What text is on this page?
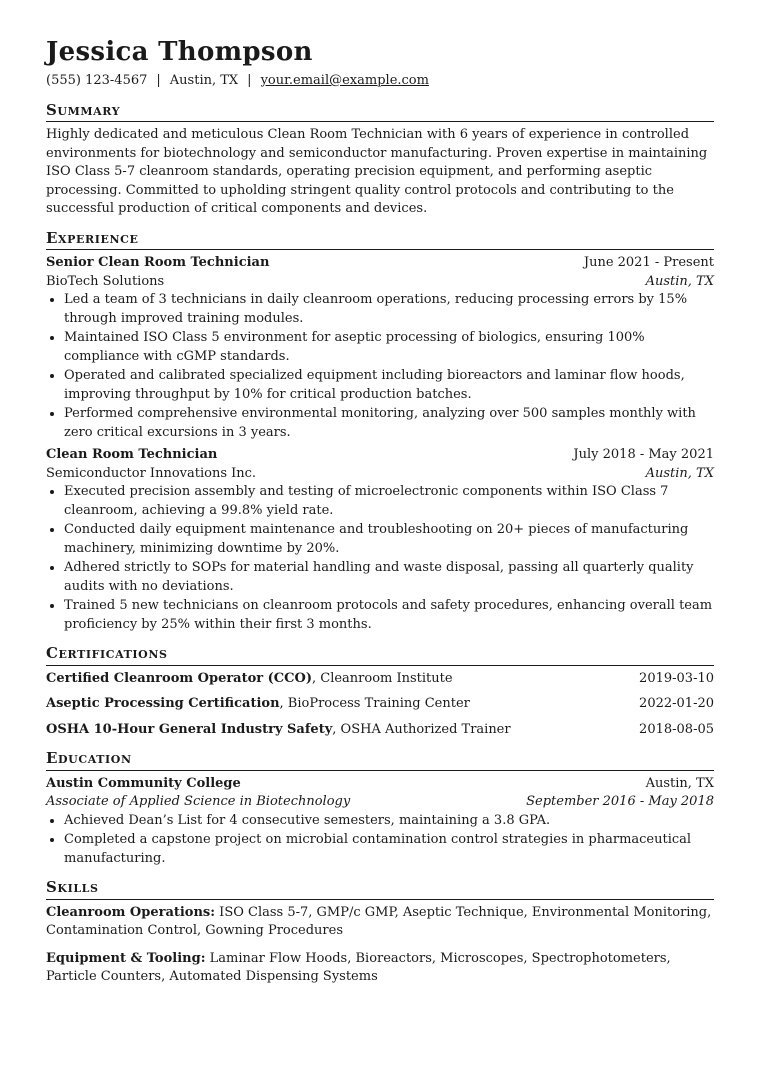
Jessica Thompson
(555) 123-4567 | Austin, TX | your.email@example.com
Summary

Highly dedicated and meticulous Clean Room Technician with 6 years of experience in controlled environments for biotechnology and semiconductor manufacturing. Proven expertise in maintaining ISO Class 5-7 cleanroom standards, operating precision equipment, and performing aseptic processing. Committed to upholding stringent quality control protocols and contributing to the successful production of critical components and devices.

Experience
Senior Clean Room Technician	June 2021 - Present
BioTech Solutions	Austin, TX
• Led a team of 3 technicians in daily cleanroom operations, reducing processing errors by 15% through improved training modules.
• Maintained ISO Class 5 environment for aseptic processing of biologics, ensuring 100% compliance with cGMP standards.
• Operated and calibrated specialized equipment including bioreactors and laminar flow hoods, improving throughput by 10% for critical production batches.
• Performed comprehensive environmental monitoring, analyzing over 500 samples monthly with zero critical excursions in 3 years.
Clean Room Technician	July 2018 - May 2021
Semiconductor Innovations Inc.	Austin, TX
• Executed precision assembly and testing of microelectronic components within ISO Class 7 cleanroom, achieving a 99.8% yield rate.
• Conducted daily equipment maintenance and troubleshooting on 20+ pieces of manufacturing machinery, minimizing downtime by 20%.
• Adhered strictly to SOPs for material handling and waste disposal, passing all quarterly quality audits with no deviations.
• Trained 5 new technicians on cleanroom protocols and safety procedures, enhancing overall team proficiency by 25% within their first 3 months.
Certifications
Certified Cleanroom Operator (CCO), Cleanroom Institute	2019-03-10
Aseptic Processing Certification, BioProcess Training Center	2022-01-20
OSHA 10-Hour General Industry Safety, OSHA Authorized Trainer	2018-08-05
Education
Austin Community College	Austin, TX
Associate of Applied Science in Biotechnology	September 2016 - May 2018
• Achieved Dean’s List for 4 consecutive semesters, maintaining a 3.8 GPA.
• Completed a capstone project on microbial contamination control strategies in pharmaceutical manufacturing.
Skills
Cleanroom Operations: ISO Class 5-7, GMP/c GMP, Aseptic Technique, Environmental Monitoring, Contamination Control, Gowning Procedures
Equipment & Tooling: Laminar Flow Hoods, Bioreactors, Microscopes, Spectrophotometers, Particle Counters, Automated Dispensing Systems
